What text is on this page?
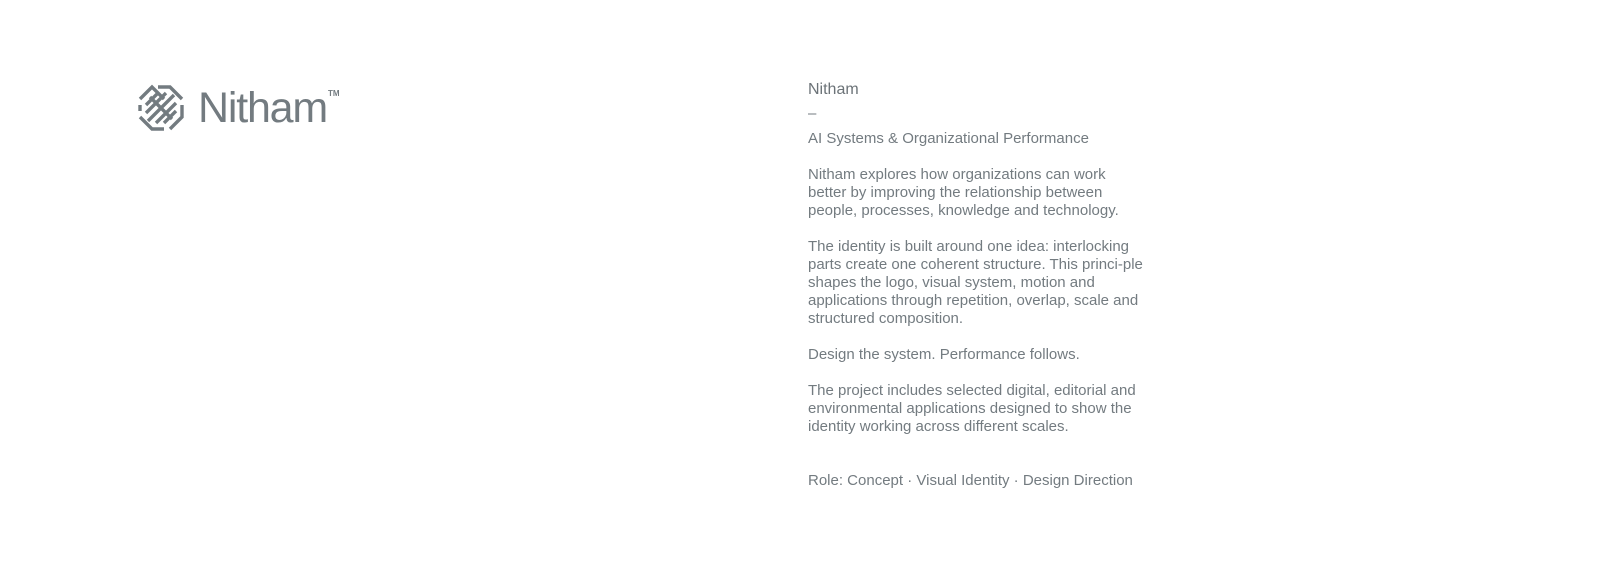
Nitham TM	Nitham

–

AI Systems & Organizational Performance

Nitham explores how organizations can work better by improving the relationship between people, processes, knowledge and technology.

The identity is built around one idea: interlocking parts create one coherent structure. This princi-ple shapes the logo, visual system, motion and applications through repetition, overlap, scale and structured composition.

Design the system. Performance follows.

The project includes selected digital, editorial and environmental applications designed to show the identity working across different scales.

Role: Concept · Visual Identity · Design Direction
